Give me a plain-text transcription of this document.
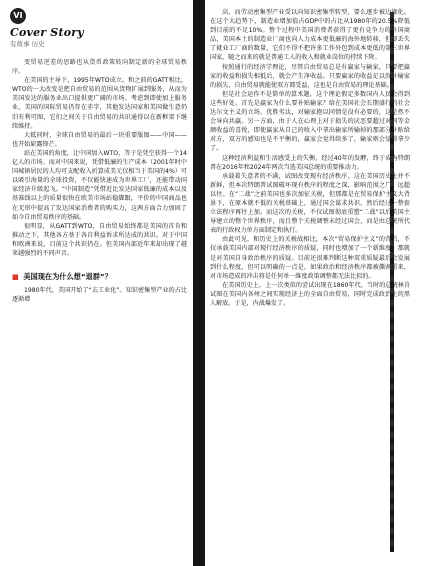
VI
Cover Story
有故事 历史

变贸易逆差的思路也从货币政策转向制定新的全球贸易秩序。

在美国的主导下，1995年WTO成立。和之前的GATT相比，WTO的一大改变是把自由贸易的范围从货物扩展到服务，从而为美国发达的服务业出口提供更广阔的市场。考虑到即使加上服务业，美国的国际贸易仍存在赤字，其他发达国家和美国做生意仍旧有利可图，它们之间关于自由贸易的共识通得以在新框架下继续维持。

大抵同时，全球自由贸易的最后一块重要版图——中国——也开始崭露锋芒。

站在美国的角度，让中国加入WTO，等于是凭空获得一个14亿人的市场。而对中国来说，凭借低廉的生产成本（2001年时中国城镇居民的人均可支配收入折算成美元仅相当于美国的4%）可以吸引海量的全球投资，不仅能快速成为世界工厂，还能带动国家经济升级起飞。“中国制造”凭借近比发达国家低廉的成本以及基准线以上的质量很快在欧美市场站稳脚跟，平价的中国商品也在无形中提高了发达国家消费者的购买力，这两方面合力加固了如今自由贸易秩序的基础。

很明显，从GATT到WTO，自由贸易始终都是美国的首肯和推动之下，其他各方基于各自利益诉求所达成的共识。对于中国和欧洲来说，目前这个共识仍在。但美国内部近年来却出现了越来越强烈的不同声音。

■ 美国现在为什么想“退群”？

1980年代，美国开始了“去工业化”。知识密集型产业的占比逐渐增

高，而劳动密集型产业受以向知识密集型转型，要么逐步被边缘化。在这个大趋势下，制造业增加值占GDP中的占比从1980年的20.5%降低到目前的不足10%。整个过程中美国消费者获得了更有竞争力的外国商品，美国本土的制造业厂商也向人力成本更低廉的海外地转移，但却丢失了就业工厂商的数量，它们不得不把许多工作外包到成本更低的第三世界国家，随之而来的就是普通工人的收入和就业岗位的持续下降。

按照通行的经济学理论，尽管自由贸易总是有赢家与输家，只要把赢家的收益和损失相抵后，就会产生净收益。只要赢家的收益足以弥补输家的损失，自由贸易就能使双方都受益，这也是自由贸易的理论基础。

但是社会运作不是简单的算术题，这个理论假定多数国内人民会得到这些好处。首先是赢家为什么要补贴输家？给在美国社会长期盛行的社会达尔文主义的立场，优胜劣汰，对输家抱以同情是没有必要的，这是然不会导向共赢。另一方面，由于人在心理上对于损失的厌恶要超过对同等金额收益的喜悦，即使赢家从自己的收入中拿出输家所输掉的那部分补贴给对方，双方的感知也是不平衡的，赢家会觉得给多了，输家则会觉得拿少了。

这种经济利益和生活感受上的失衡，经过40年的发酵，终于成为特朗普在2016年和2024年两次当选美国总统的重要推动力。

承载着失意者的不满，试图改变现有经济秩序，这在美国历史上并不新鲜，但本次特朗普试图破坏现有秩序的程度之深，影响范围之广，远超以往。在“二战”之前美国也多次加征关税，但那都是在贸易保护主义大背景下，在原本就不低的关税基础上，通过国会谋求共识，然后经过一整套立法程序再往上加。而这次的关税，不仅试图彻底重塑“二战”以后美国主导建立的整个世界秩序，而且整个关税调整未经过国会，而是由总统所代表的行政权力单方面制定和执行。

由此可见，和历史上的关税战相比，本次“贸易保护主义”的背后，不仅承载美国内部对现行经济秩序的质疑，同时也增加了一个新维度，那就是对美国自身政治秩序的质疑。目前还很难判断这种双重质疑最后会发展到什么程度，但可以明确的一点是，如果政治和经济秩序都被撕割重来，对市场造成的冲击将是任何单一维度政策调整都无法比拟的。

在美国历史上，上一次类似的尝试出现在1860年代。当时的总统林肯试图在美国内各州之间实现经济上的全面自由贸易，同时完成政治上的黑人解放。于是，内战爆发了。
